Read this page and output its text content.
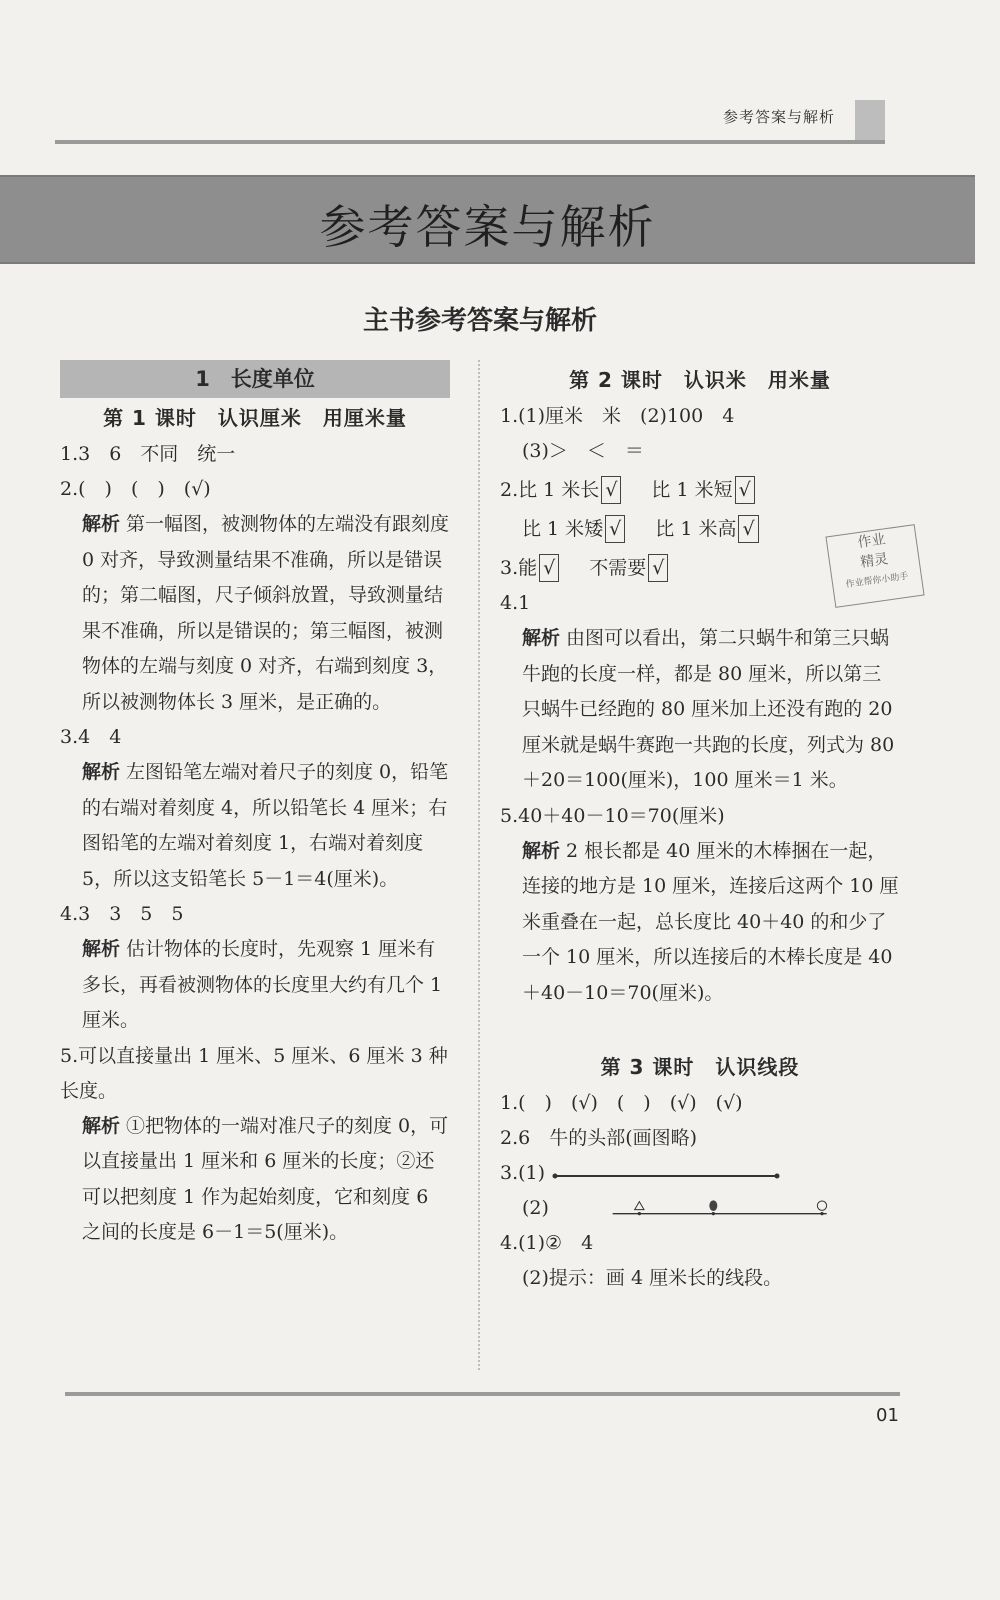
参考答案与解析
参考答案与解析
主书参考答案与解析
1　长度单位
第 1 课时　认识厘米　用厘米量
1.3　6　不同　统一
2.(　)　(　)　(√)
解析 第一幅图，被测物体的左端没有跟刻度 0 对齐，导致测量结果不准确，所以是错误的；第二幅图，尺子倾斜放置，导致测量结果不准确，所以是错误的；第三幅图，被测物体的左端与刻度 0 对齐，右端到刻度 3，所以被测物体长 3 厘米，是正确的。
3.4　4
解析 左图铅笔左端对着尺子的刻度 0，铅笔的右端对着刻度 4，所以铅笔长 4 厘米；右图铅笔的左端对着刻度 1，右端对着刻度 5，所以这支铅笔长 5－1＝4(厘米)。
4.3　3　5　5
解析 估计物体的长度时，先观察 1 厘米有多长，再看被测物体的长度里大约有几个 1 厘米。
5.可以直接量出 1 厘米、5 厘米、6 厘米 3 种长度。
解析 ①把物体的一端对准尺子的刻度 0，可以直接量出 1 厘米和 6 厘米的长度；②还可以把刻度 1 作为起始刻度，它和刻度 6 之间的长度是 6－1＝5(厘米)。
第 2 课时　认识米　用米量
1.(1)厘米　米　(2)100　4
(3)＞　＜　＝
2.比 1 米长 √ 比 1 米短 √
比 1 米矮 √ 比 1 米高 √
3.能 √ 不需要 √
4.1
解析 由图可以看出，第二只蜗牛和第三只蜗牛跑的长度一样，都是 80 厘米，所以第三只蜗牛已经跑的 80 厘米加上还没有跑的 20 厘米就是蜗牛赛跑一共跑的长度，列式为 80＋20＝100(厘米)，100 厘米＝1 米。
5.40＋40－10＝70(厘米)
解析 2 根长都是 40 厘米的木棒捆在一起，连接的地方是 10 厘米，连接后这两个 10 厘米重叠在一起，总长度比 40＋40 的和少了一个 10 厘米，所以连接后的木棒长度是 40＋40－10＝70(厘米)。
第 3 课时　认识线段
1.(　)　(√)　(　)　(√)　(√)
2.6　牛的头部(画图略)
3.(1)
(2)
4.(1)②　4
(2)提示：画 4 厘米长的线段。
作业
精灵
作业帮你小助手
01
